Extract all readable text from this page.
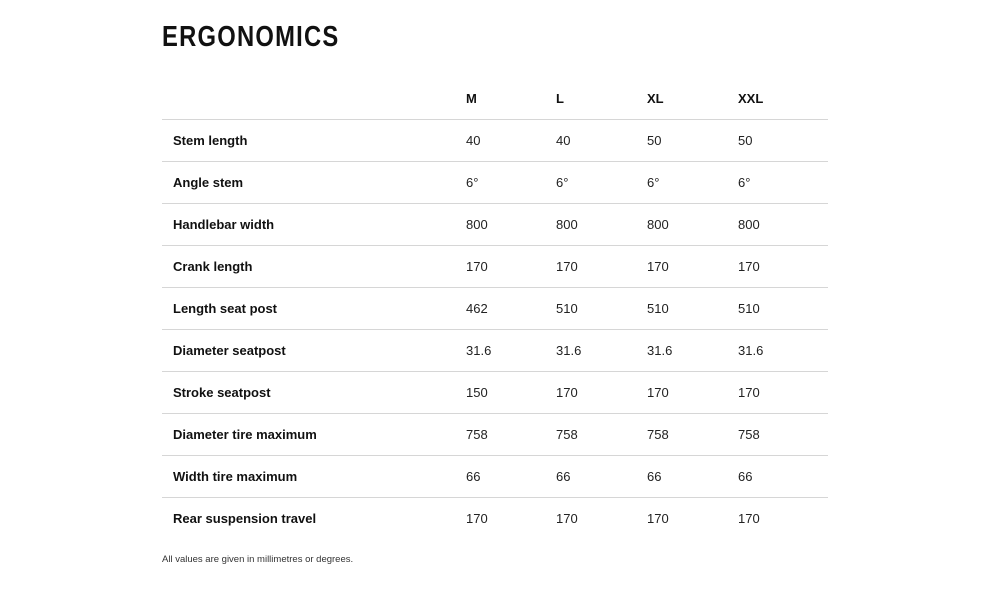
ERGONOMICS
	M	L	XL	XXL
Stem length	40	40	50	50
Angle stem	6°	6°	6°	6°
Handlebar width	800	800	800	800
Crank length	170	170	170	170
Length seat post	462	510	510	510
Diameter seatpost	31.6	31.6	31.6	31.6
Stroke seatpost	150	170	170	170
Diameter tire maximum	758	758	758	758
Width tire maximum	66	66	66	66
Rear suspension travel	170	170	170	170

All values are given in millimetres or degrees.
